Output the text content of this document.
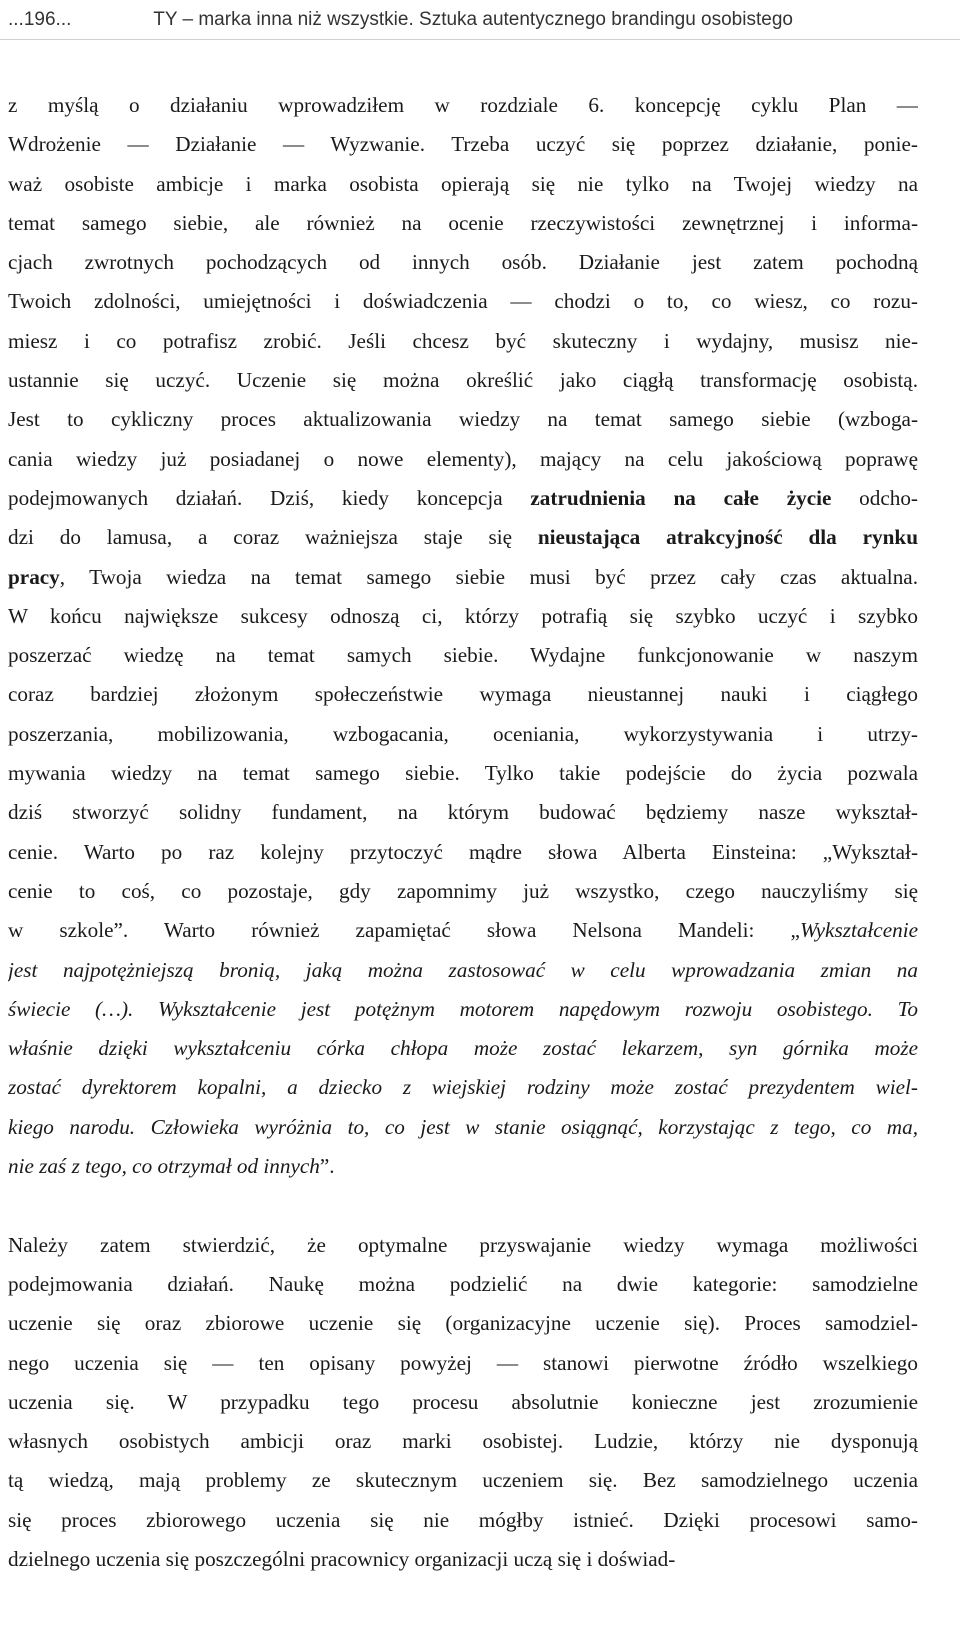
...196...	TY – marka inna niż wszystkie. Sztuka autentycznego brandingu osobistego

z myślą o działaniu wprowadziłem w rozdziale 6. koncepcję cyklu Plan —
Wdrożenie — Działanie — Wyzwanie. Trzeba uczyć się poprzez działanie, ponie-
waż osobiste ambicje i marka osobista opierają się nie tylko na Twojej wiedzy na
temat samego siebie, ale również na ocenie rzeczywistości zewnętrznej i informa-
cjach zwrotnych pochodzących od innych osób. Działanie jest zatem pochodną
Twoich zdolności, umiejętności i doświadczenia — chodzi o to, co wiesz, co rozu-
miesz i co potrafisz zrobić. Jeśli chcesz być skuteczny i wydajny, musisz nie-
ustannie się uczyć. Uczenie się można określić jako ciągłą transformację osobistą.
Jest to cykliczny proces aktualizowania wiedzy na temat samego siebie (wzboga-
cania wiedzy już posiadanej o nowe elementy), mający na celu jakościową poprawę
podejmowanych działań. Dziś, kiedy koncepcja zatrudnienia na całe życie odcho-
dzi do lamusa, a coraz ważniejsza staje się nieustająca atrakcyjność dla rynku
pracy, Twoja wiedza na temat samego siebie musi być przez cały czas aktualna.
W końcu największe sukcesy odnoszą ci, którzy potrafią się szybko uczyć i szybko
poszerzać wiedzę na temat samych siebie. Wydajne funkcjonowanie w naszym
coraz bardziej złożonym społeczeństwie wymaga nieustannej nauki i ciągłego
poszerzania, mobilizowania, wzbogacania, oceniania, wykorzystywania i utrzy-
mywania wiedzy na temat samego siebie. Tylko takie podejście do życia pozwala
dziś stworzyć solidny fundament, na którym budować będziemy nasze wykształ-
cenie. Warto po raz kolejny przytoczyć mądre słowa Alberta Einsteina: „Wykształ-
cenie to coś, co pozostaje, gdy zapomnimy już wszystko, czego nauczyliśmy się
w szkole”. Warto również zapamiętać słowa Nelsona Mandeli: „Wykształcenie
jest najpotężniejszą bronią, jaką można zastosować w celu wprowadzania zmian na
świecie (…). Wykształcenie jest potężnym motorem napędowym rozwoju osobistego. To
właśnie dzięki wykształceniu córka chłopa może zostać lekarzem, syn górnika może
zostać dyrektorem kopalni, a dziecko z wiejskiej rodziny może zostać prezydentem wiel-
kiego narodu. Człowieka wyróżnia to, co jest w stanie osiągnąć, korzystając z tego, co ma,
nie zaś z tego, co otrzymał od innych”.

Należy zatem stwierdzić, że optymalne przyswajanie wiedzy wymaga możliwości
podejmowania działań. Naukę można podzielić na dwie kategorie: samodzielne
uczenie się oraz zbiorowe uczenie się (organizacyjne uczenie się). Proces samodziel-
nego uczenia się — ten opisany powyżej — stanowi pierwotne źródło wszelkiego
uczenia się. W przypadku tego procesu absolutnie konieczne jest zrozumienie
własnych osobistych ambicji oraz marki osobistej. Ludzie, którzy nie dysponują
tą wiedzą, mają problemy ze skutecznym uczeniem się. Bez samodzielnego uczenia
się proces zbiorowego uczenia się nie mógłby istnieć. Dzięki procesowi samo-
dzielnego uczenia się poszczególni pracownicy organizacji uczą się i doświad-
